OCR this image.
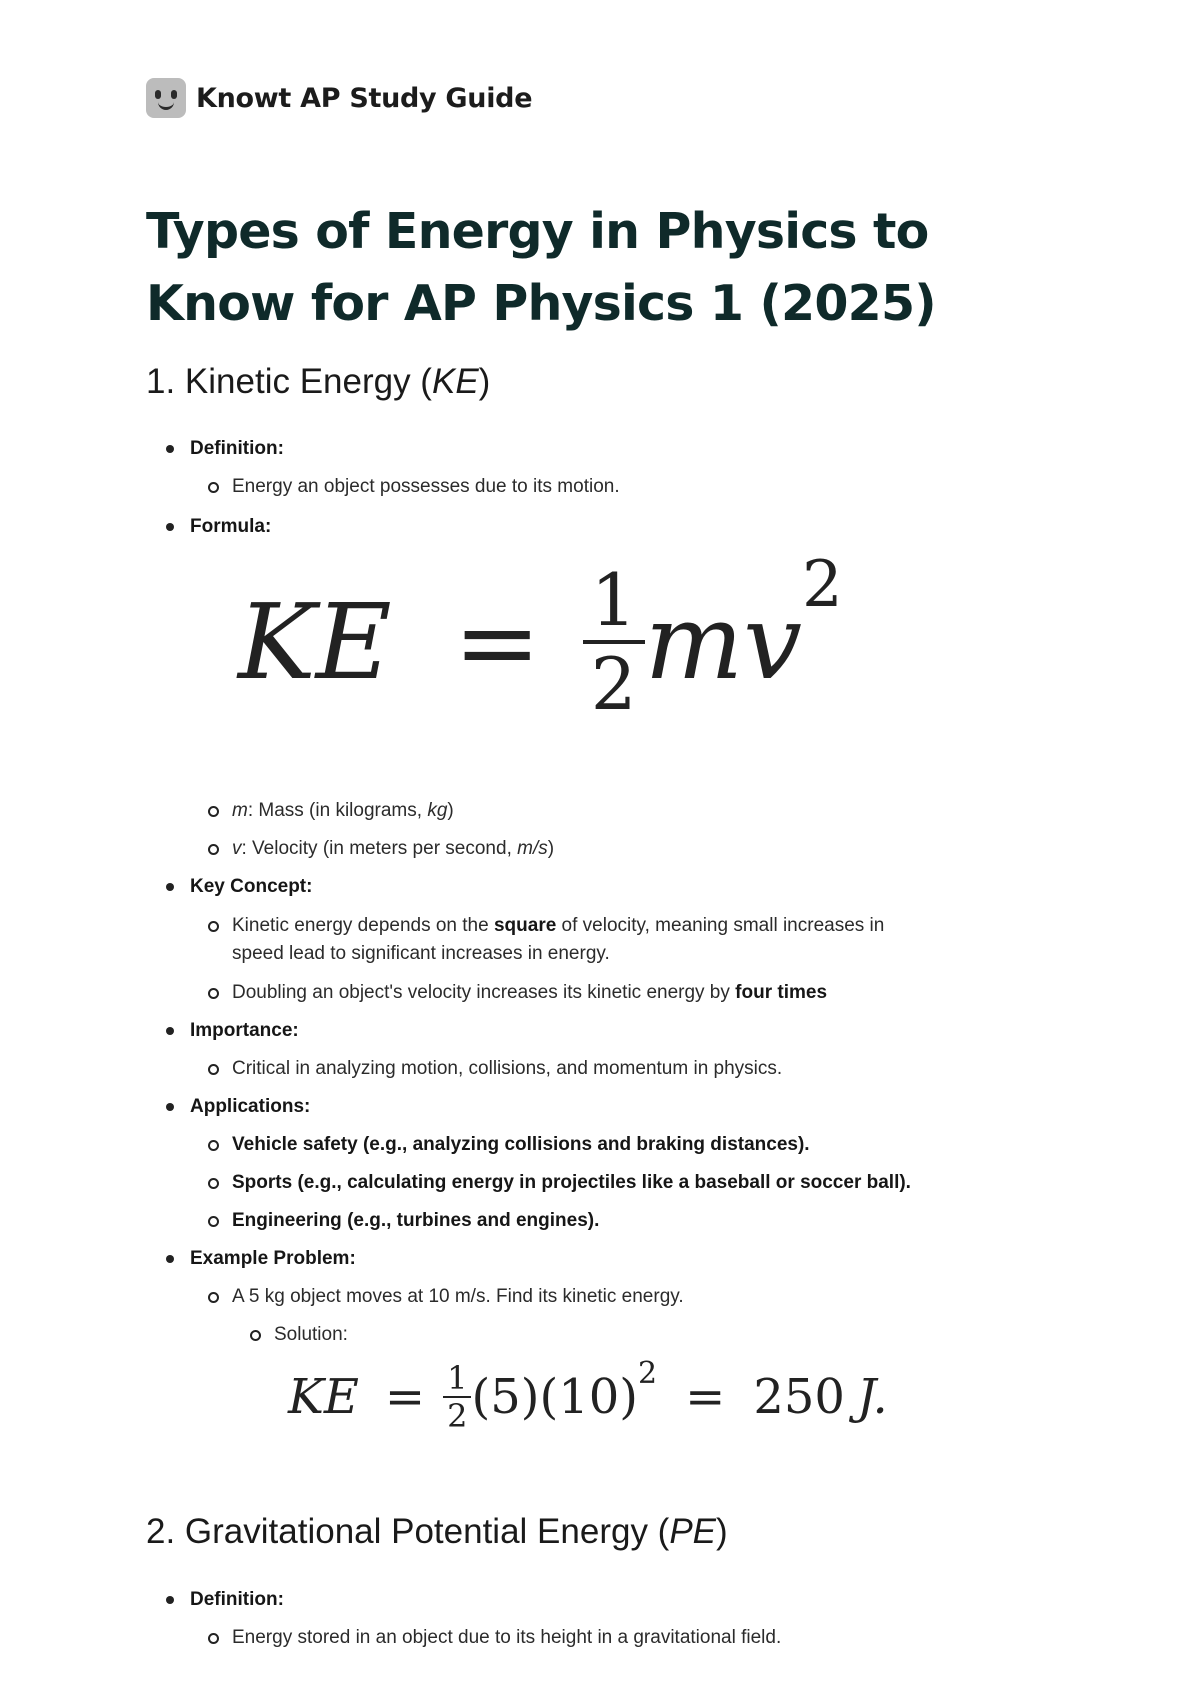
Knowt AP Study Guide
Types of Energy in Physics to Know for AP Physics 1 (2025)
1. Kinetic Energy (KE)
Definition:
Energy an object possesses due to its motion.
Formula:
KE = $\frac{1}{2}$ mv 2
m: Mass (in kilograms, kg)
v: Velocity (in meters per second, m/s)
Key Concept:
Kinetic energy depends on the square of velocity, meaning small increases in speed lead to significant increases in energy.
Doubling an object's velocity increases its kinetic energy by four times
Importance:
Critical in analyzing motion, collisions, and momentum in physics.
Applications:
Vehicle safety (e.g., analyzing collisions and braking distances).
Sports (e.g., calculating energy in projectiles like a baseball or soccer ball).
Engineering (e.g., turbines and engines).
Example Problem:
A 5 kg object moves at 10 m/s. Find its kinetic energy.
Solution:
KE = $\frac{1}{2} (5)(10) 2 = 250$ J.
2. Gravitational Potential Energy (PE)
Definition:
Energy stored in an object due to its height in a gravitational field.
